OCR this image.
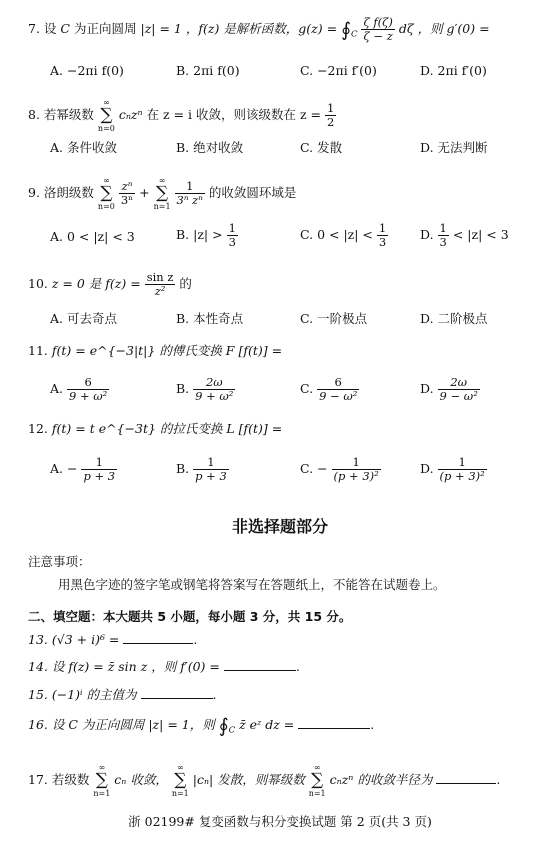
7. 设 C 为正向圆周 |z| = 1 ，f(z) 是解析函数，$g(z) = ∮_C \frac{\text{ζ f(ζ)}}{\zeta - z}$ dζ ，则 g′(0) =
A. −2πi f(0)	B. 2πi f(0)	C. −2πi f′(0)	D. 2πi f′(0)
8. 若幂级数
∞
∑
n=0
cₙzⁿ 在 z = i 收敛，则该级数在 $z = \frac{1}{2}$
A. 条件收敛	B. 绝对收敛	C. 发散	D. 无法判断
9. 洛朗级数
∞
∑
n=0
$\frac{\text{zⁿ}}{\text{3ⁿ}}$ +
∞
∑
n=1
$\frac{1}{\text{3ⁿ zⁿ}}$ 的收敛圆环域是
A. 0 < |z| < 3	B. $|z| > \frac{1}{3}$	C. $0 < |z| < \frac{1}{3}$	D. $\frac{1}{3} < |z| < 3$
10. z = 0 是 $f(z) = \frac{\text{sin z}}{\text{z²}}$ 的
A. 可去奇点	B. 本性奇点	C. 一阶极点	D. 二阶极点
11. f(t) = e^{−3|t|} 的傅氏变换 F [f(t)] =
A. $\frac{6}{\text{9 + ω²}}$	B. $\frac{2\omega}{\text{9 + ω²}}$	C. $\frac{6}{\text{9 − ω²}}$	D. $\frac{2\omega}{\text{9 − ω²}}$
12. f(t) = t e^{−3t} 的拉氏变换 L [f(t)] =
A. − $\frac{1}{p + 3}$	B. $\frac{1}{p + 3}$	C. − $\frac{1}{\text{(p + 3)²}}$	D. $\frac{1}{\text{(p + 3)²}}$
非选择题部分
注意事项：
用黑色字迹的签字笔或钢笔将答案写在答题纸上，不能答在试题卷上。
二、填空题：本大题共 5 小题，每小题 3 分，共 15 分。
13. (√3 + i)⁶ =	.
14. 设 f(z) = z̄ sin z ，则 f′(0) =	.
15. (−1)ⁱ 的主值为	.
16. 设 C 为正向圆周 |z| = 1，则 $∮_C$ z̄ eᶻ dz =	.
17. 若级数
∞
∑
n=1
cₙ 收敛，
∞
∑
n=1
|cₙ| 发散，则幂级数
∞
∑
n=1
cₙzⁿ 的收敛半径为	.
浙 02199# 复变函数与积分变换试题 第 2 页(共 3 页)
